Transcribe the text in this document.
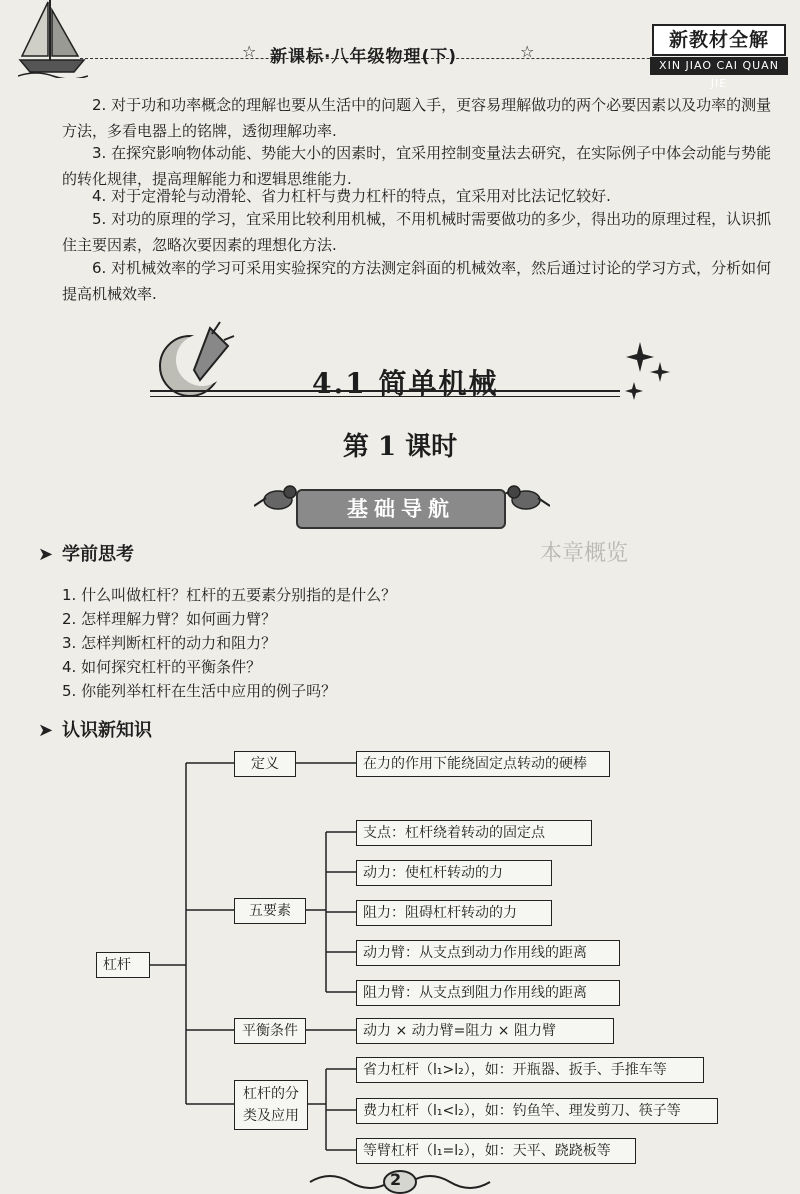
☆ 新课标·八年级物理(下)	☆
新教材全解
XIN JIAO CAI QUAN JIE
2. 对于功和功率概念的理解也要从生活中的问题入手，更容易理解做功的两个必要因素以及功率的测量方法，多看电器上的铭牌，透彻理解功率.
3. 在探究影响物体动能、势能大小的因素时，宜采用控制变量法去研究，在实际例子中体会动能与势能的转化规律，提高理解能力和逻辑思维能力.
4. 对于定滑轮与动滑轮、省力杠杆与费力杠杆的特点，宜采用对比法记忆较好.
5. 对功的原理的学习，宜采用比较利用机械，不用机械时需要做功的多少，得出功的原理过程，认识抓住主要因素，忽略次要因素的理想化方法.
6. 对机械效率的学习可采用实验探究的方法测定斜面的机械效率，然后通过讨论的学习方式，分析如何提高机械效率.
4.1 简单机械
第 1 课时
基础导航
本章概览
➤ 学前思考
1. 什么叫做杠杆？杠杆的五要素分别指的是什么？
2. 怎样理解力臂？如何画力臂？
3. 怎样判断杠杆的动力和阻力？
4. 如何探究杠杆的平衡条件？
5. 你能列举杠杆在生活中应用的例子吗？
➤ 认识新知识
杠杆
定义	在力的作用下能绕固定点转动的硬棒
五要素
支点：杠杆绕着转动的固定点
动力：使杠杆转动的力
阻力：阻碍杠杆转动的力
动力臂：从支点到动力作用线的距离
阻力臂：从支点到阻力作用线的距离
平衡条件	动力 × 动力臂=阻力 × 阻力臂
杠杆的分类及应用
省力杠杆（l₁>l₂），如：开瓶器、扳手、手推车等
费力杠杆（l₁<l₂），如：钓鱼竿、理发剪刀、筷子等
等臂杠杆（l₁=l₂），如：天平、跷跷板等
2
